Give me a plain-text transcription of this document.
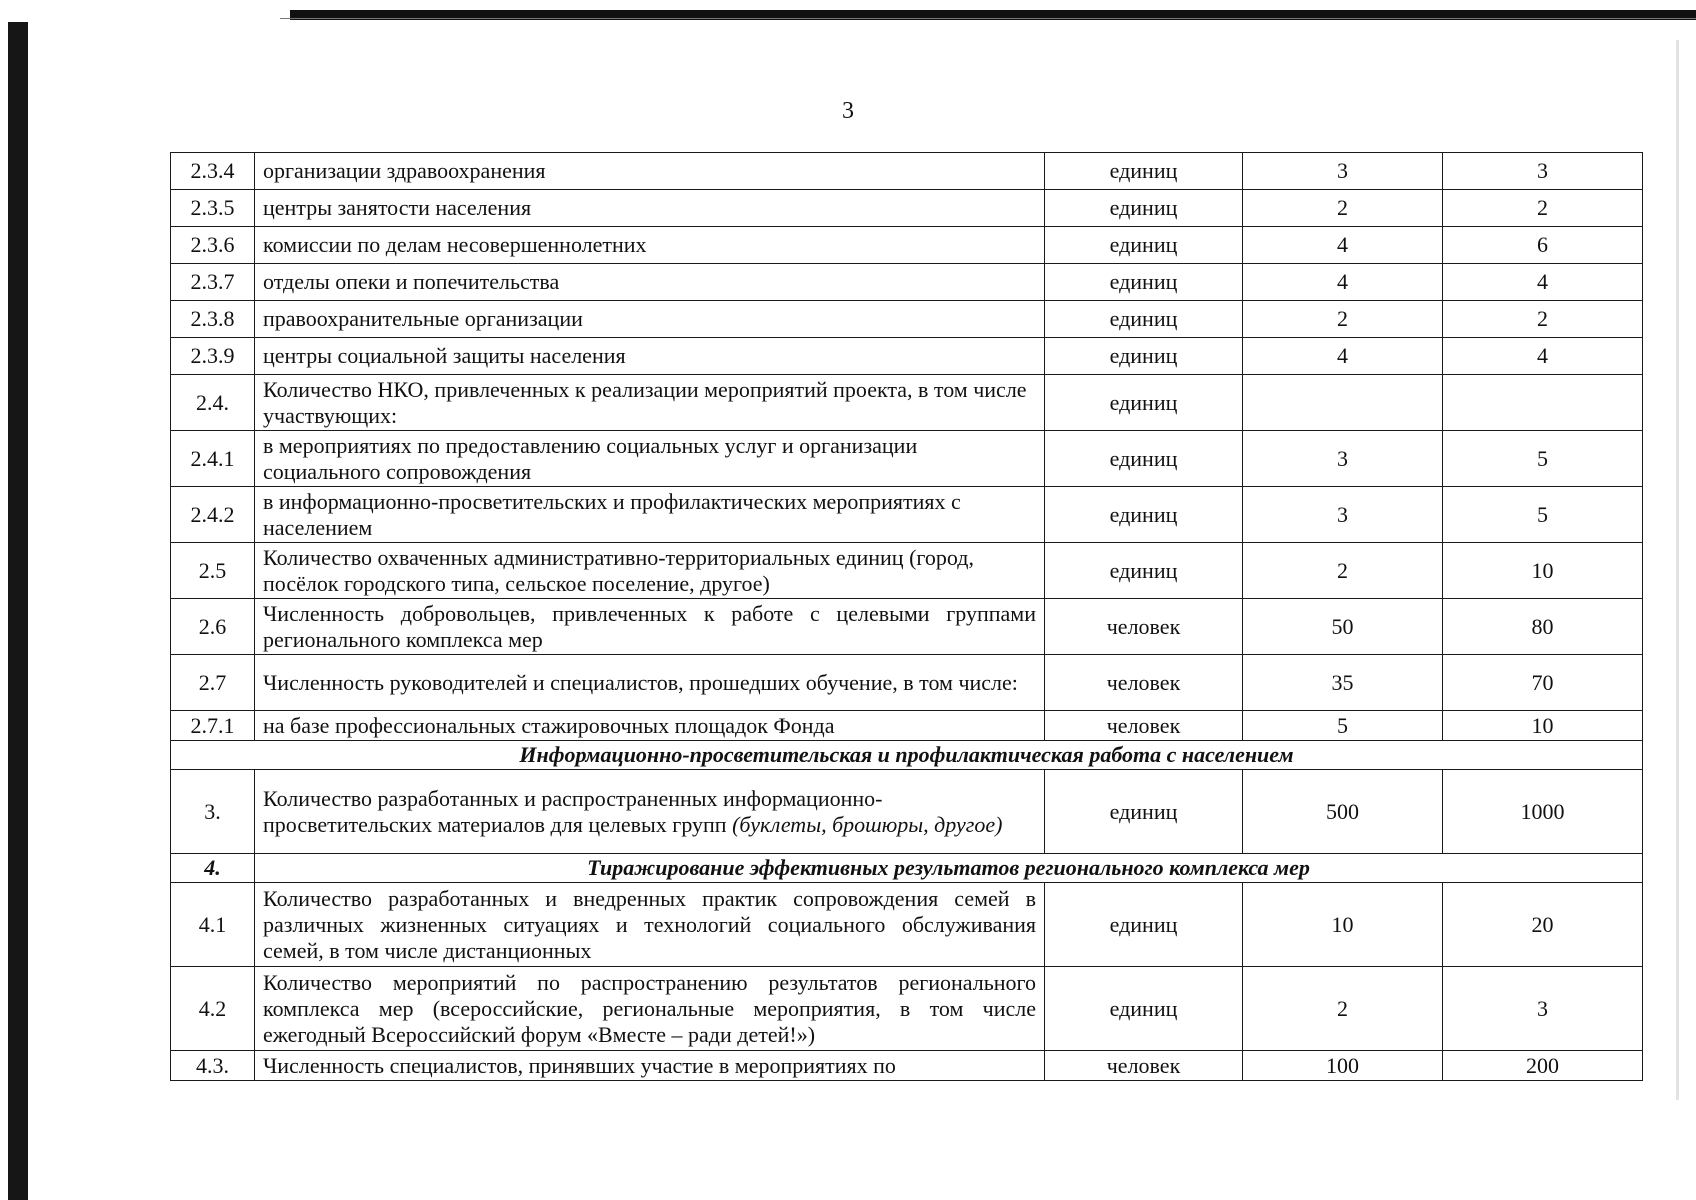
3
2.3.4	организации здравоохранения	единиц	3	3
2.3.5	центры занятости населения	единиц	2	2
2.3.6	комиссии по делам несовершеннолетних	единиц	4	6
2.3.7	отделы опеки и попечительства	единиц	4	4
2.3.8	правоохранительные организации	единиц	2	2
2.3.9	центры социальной защиты населения	единиц	4	4
2.4.	Количество НКО, привлеченных к реализации мероприятий проекта, в том числе участвующих:	единиц		
2.4.1	в мероприятиях по предоставлению социальных услуг и организации социального сопровождения	единиц	3	5
2.4.2	в информационно-просветительских и профилактических мероприятиях с населением	единиц	3	5
2.5	Количество охваченных административно-территориальных единиц (город, посёлок городского типа, сельское поселение, другое)	единиц	2	10
2.6	Численность добровольцев, привлеченных к работе с целевыми группами регионального комплекса мер	человек	50	80
2.7	Численность руководителей и специалистов, прошедших обучение, в том числе:	человек	35	70
2.7.1	на базе профессиональных стажировочных площадок Фонда	человек	5	10
Информационно-просветительская и профилактическая работа с населением				
3.	Количество разработанных и распространенных информационно-просветительских материалов для целевых групп (буклеты, брошюры, другое)	единиц	500	1000
4.	Тиражирование эффективных результатов регионального комплекса мер			
4.1	Количество разработанных и внедренных практик сопровождения семей в различных жизненных ситуациях и технологий социального обслуживания семей, в том числе дистанционных	единиц	10	20
4.2	Количество мероприятий по распространению результатов регионального комплекса мер (всероссийские, региональные мероприятия, в том числе ежегодный Всероссийский форум «Вместе – ради детей!»)	единиц	2	3
4.3.	Численность специалистов, принявших участие в мероприятиях по	человек	100	200
